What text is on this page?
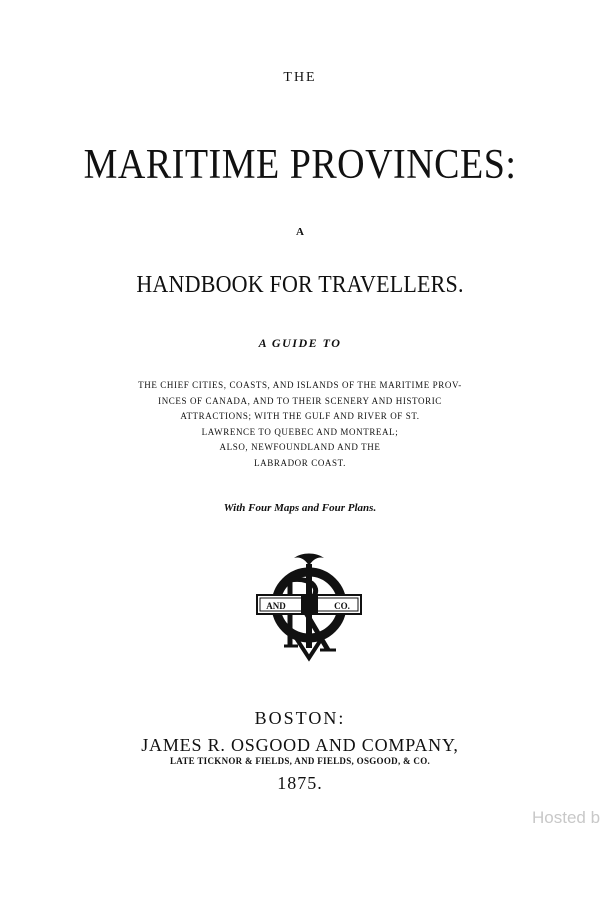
THE
MARITIME PROVINCES:
A
HANDBOOK FOR TRAVELLERS.
A GUIDE TO
THE CHIEF CITIES, COASTS, AND ISLANDS OF THE MARITIME PROV-
INCES OF CANADA, AND TO THEIR SCENERY AND HISTORIC
ATTRACTIONS; WITH THE GULF AND RIVER OF ST.
LAWRENCE TO QUEBEC AND MONTREAL;
ALSO, NEWFOUNDLAND AND THE
LABRADOR COAST.
With Four Maps and Four Plans.
AND	CO.
BOSTON:
JAMES R. OSGOOD AND COMPANY,
LATE TICKNOR & FIELDS, AND FIELDS, OSGOOD, & CO.
1875.
Hosted b
